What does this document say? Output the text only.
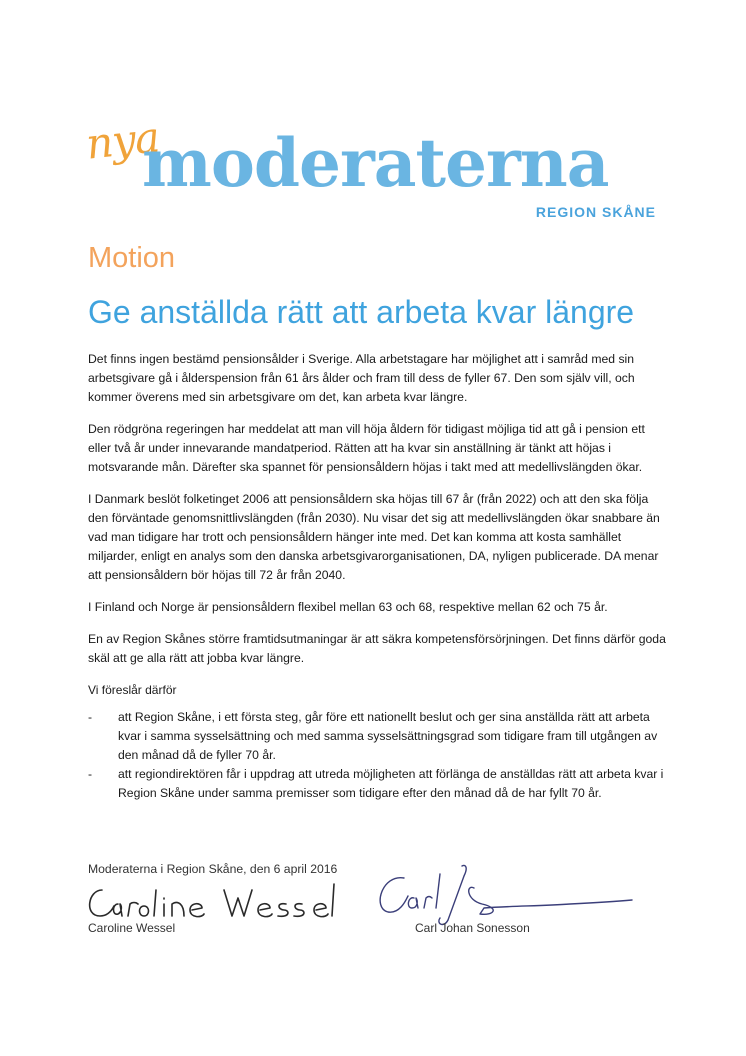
nya
moderaterna
REGION SKÅNE
Motion
Ge anställda rätt att arbeta kvar längre

Det finns ingen bestämd pensionsålder i Sverige. Alla arbetstagare har möjlighet att i samråd med sin arbetsgivare gå i ålderspension från 61 års ålder och fram till dess de fyller 67. Den som själv vill, och kommer överens med sin arbetsgivare om det, kan arbeta kvar längre.

Den rödgröna regeringen har meddelat att man vill höja åldern för tidigast möjliga tid att gå i pension ett eller två år under innevarande mandatperiod. Rätten att ha kvar sin anställning är tänkt att höjas i motsvarande mån. Därefter ska spannet för pensionsåldern höjas i takt med att medellivslängden ökar.

I Danmark beslöt folketinget 2006 att pensionsåldern ska höjas till 67 år (från 2022) och att den ska följa den förväntade genomsnittlivslängden (från 2030). Nu visar det sig att medellivslängden ökar snabbare än vad man tidigare har trott och pensionsåldern hänger inte med. Det kan komma att kosta samhället miljarder, enligt en analys som den danska arbetsgivarorganisationen, DA, nyligen publicerade. DA menar att pensionsåldern bör höjas till 72 år från 2040.

I Finland och Norge är pensionsåldern flexibel mellan 63 och 68, respektive mellan 62 och 75 år.

En av Region Skånes större framtidsutmaningar är att säkra kompetensförsörjningen. Det finns därför goda skäl att ge alla rätt att jobba kvar längre.

Vi föreslår därför
- att Region Skåne, i ett första steg, går före ett nationellt beslut och ger sina anställda rätt att arbeta kvar i samma sysselsättning och med samma sysselsättningsgrad som tidigare fram till utgången av den månad då de fyller 70 år.
- att regiondirektören får i uppdrag att utreda möjligheten att förlänga de anställdas rätt att arbeta kvar i Region Skåne under samma premisser som tidigare efter den månad då de har fyllt 70 år.
Moderaterna i Region Skåne, den 6 april 2016
Caroline Wessel	Carl Johan Sonesson
